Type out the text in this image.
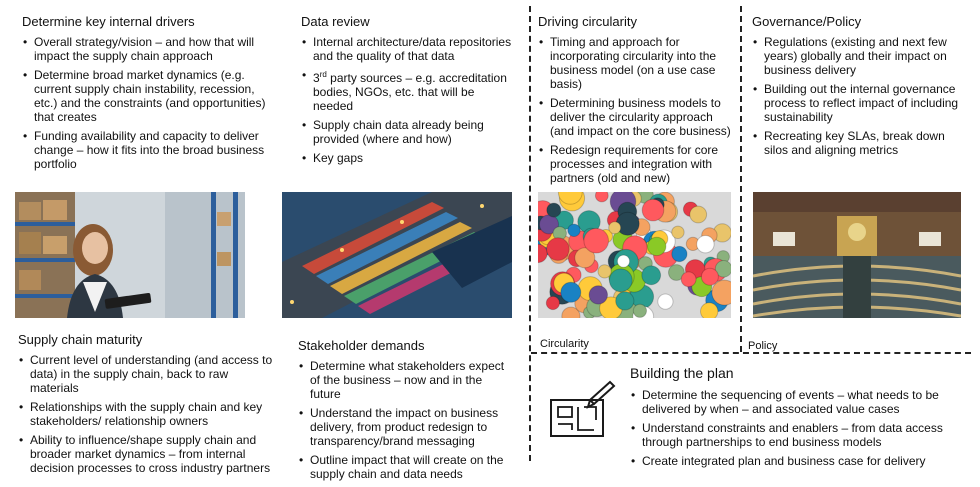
Determine key internal drivers
• Overall strategy/vision – and how that will impact the supply chain approach
• Determine broad market dynamics (e.g. current supply chain instability, recession, etc.) and the constraints (and opportunities) that creates
• Funding availability and capacity to deliver change – how it fits into the broad business portfolio
Data review
• Internal architecture/data repositories and the quality of that data
• 3rd party sources – e.g. accreditation bodies, NGOs, etc. that will be needed
• Supply chain data already being provided (where and how)
• Key gaps
Driving circularity
• Timing and approach for incorporating circularity into the business model (on a use case basis)
• Determining business models to deliver the circularity approach (and impact on the core business)
• Redesign requirements for core processes and integration with partners (old and new)
Governance/Policy
• Regulations (existing and next few years) globally and their impact on business delivery
• Building out the internal governance process to reflect impact of including sustainability
• Recreating key SLAs, break down silos and aligning metrics
Circularity	Policy
Supply chain maturity
• Current level of understanding (and access to data) in the supply chain, back to raw materials
• Relationships with the supply chain and key stakeholders/ relationship owners
• Ability to influence/shape supply chain and broader market dynamics – from internal decision processes to cross industry partners
Stakeholder demands
• Determine what stakeholders expect of the business – now and in the future
• Understand the impact on business delivery, from product redesign to transparency/brand messaging
• Outline impact that will create on the supply chain and data needs
Building the plan
• Determine the sequencing of events – what needs to be delivered by when – and associated value cases
• Understand constraints and enablers – from data access through partnerships to end business models
• Create integrated plan and business case for delivery
